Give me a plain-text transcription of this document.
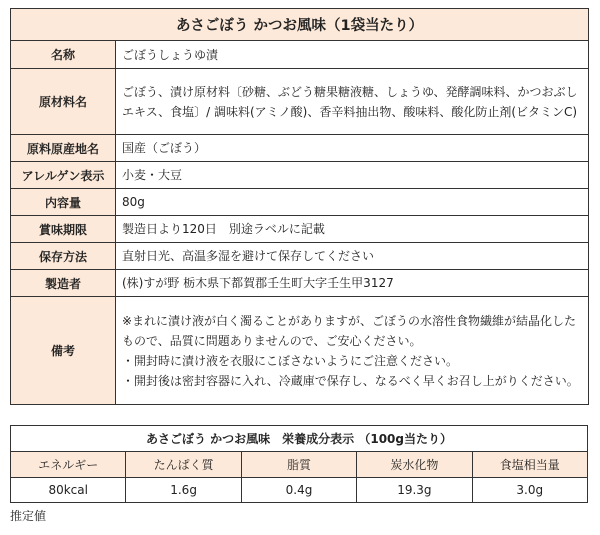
あさごぼう かつお風味（1袋当たり）	
名称	ごぼうしょうゆ漬
原材料名	ごぼう、漬け原材料〔砂糖、ぶどう糖果糖液糖、しょうゆ、発酵調味料、かつおぶしエキス、食塩〕/ 調味料(アミノ酸)、香辛料抽出物、酸味料、酸化防止剤(ビタミンC)
原料原産地名	国産（ごぼう）
アレルゲン表示	小麦・大豆
内容量	80g
賞味期限	製造日より120日　別途ラベルに記載
保存方法	直射日光、高温多湿を避けて保存してください
製造者	(株)すが野 栃木県下都賀郡壬生町大字壬生甲3127
備考	※まれに漬け液が白く濁ることがありますが、ごぼうの水溶性食物繊維が結晶化したもので、品質に問題ありませんので、ご安心ください。
・開封時に漬け液を衣服にこぼさないようにご注意ください。
・開封後は密封容器に入れ、冷蔵庫で保存し、なるべく早くお召し上がりください。
あさごぼう かつお風味　栄養成分表示 （100g当たり）				
エネルギー	たんぱく質	脂質	炭水化物	食塩相当量
80kcal	1.6g	0.4g	19.3g	3.0g
推定値
